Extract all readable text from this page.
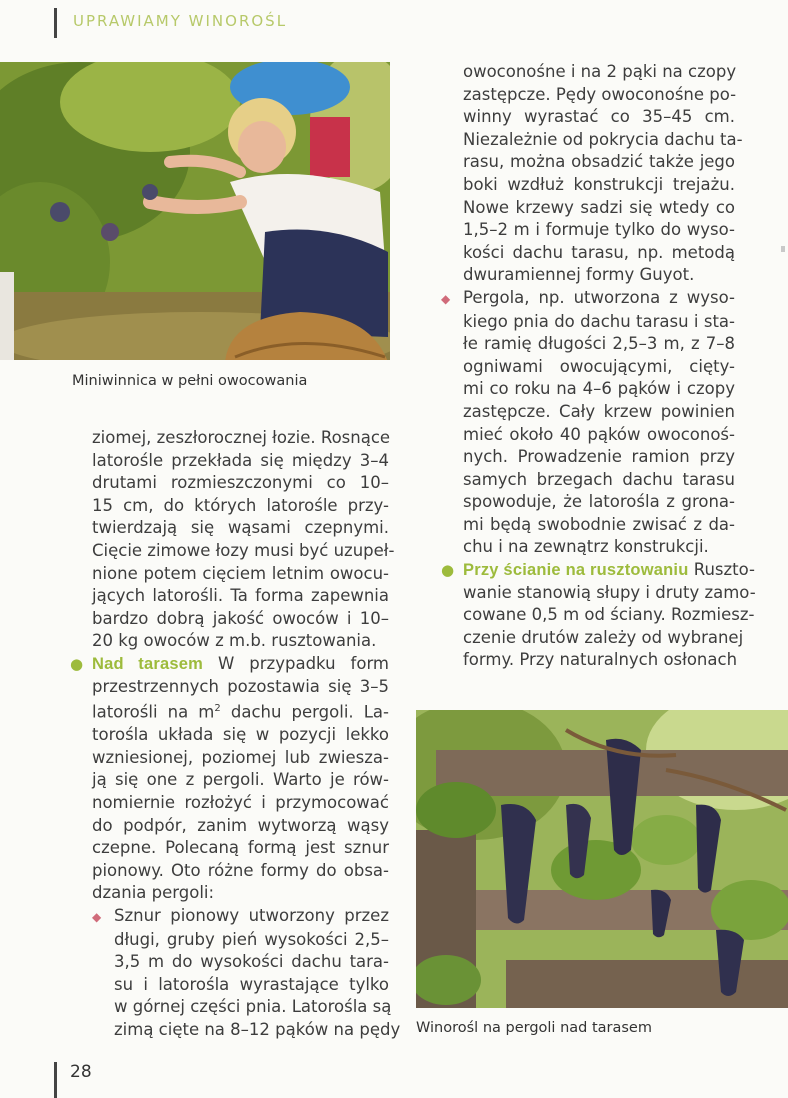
UPRAWIAMY WINOROŚL
Miniwinnica w pełni owocowania
ziomej, zeszłorocznej łozie. Rosnące
latorośle przekłada się między 3–4
drutami rozmieszczonymi co 10–
15 cm, do których latorośle przy-
twierdzają się wąsami czepnymi.
Cięcie zimowe łozy musi być uzupeł-
nione potem cięciem letnim owocu-
jących latorośli. Ta forma zapewnia
bardzo dobrą jakość owoców i 10–
20 kg owoców z m.b. rusztowania.
● Nad tarasem W przypadku form
przestrzennych pozostawia się 3–5
latorośli na $m^2$ dachu pergoli. La-
torośla układa się w pozycji lekko
wzniesionej, poziomej lub zwiesza-
ją się one z pergoli. Warto je rów-
nomiernie rozłożyć i przymocować
do podpór, zanim wytworzą wąsy
czepne. Polecaną formą jest sznur
pionowy. Oto różne formy do obsa-
dzania pergoli:
◆ Sznur pionowy utworzony przez
długi, gruby pień wysokości 2,5–
3,5 m do wysokości dachu tara-
su i latorośla wyrastające tylko
w górnej części pnia. Latorośla są
zimą cięte na 8–12 pąków na pędy
owoconośne i na 2 pąki na czopy
zastępcze. Pędy owoconośne po-
winny wyrastać co 35–45 cm.
Niezależnie od pokrycia dachu ta-
rasu, można obsadzić także jego
boki wzdłuż konstrukcji trejażu.
Nowe krzewy sadzi się wtedy co
1,5–2 m i formuje tylko do wyso-
kości dachu tarasu, np. metodą
dwuramiennej formy Guyot.
◆ Pergola, np. utworzona z wyso-
kiego pnia do dachu tarasu i sta-
łe ramię długości 2,5–3 m, z 7–8
ogniwami owocującymi, cięty-
mi co roku na 4–6 pąków i czopy
zastępcze. Cały krzew powinien
mieć około 40 pąków owoconoś-
nych. Prowadzenie ramion przy
samych brzegach dachu tarasu
spowoduje, że latorośla z grona-
mi będą swobodnie zwisać z da-
chu i na zewnątrz konstrukcji.
● Przy ścianie na rusztowaniu Ruszto-
wanie stanowią słupy i druty zamo-
cowane 0,5 m od ściany. Rozmiesz-
czenie drutów zależy od wybranej
formy. Przy naturalnych osłonach
Winorośl na pergoli nad tarasem
28
